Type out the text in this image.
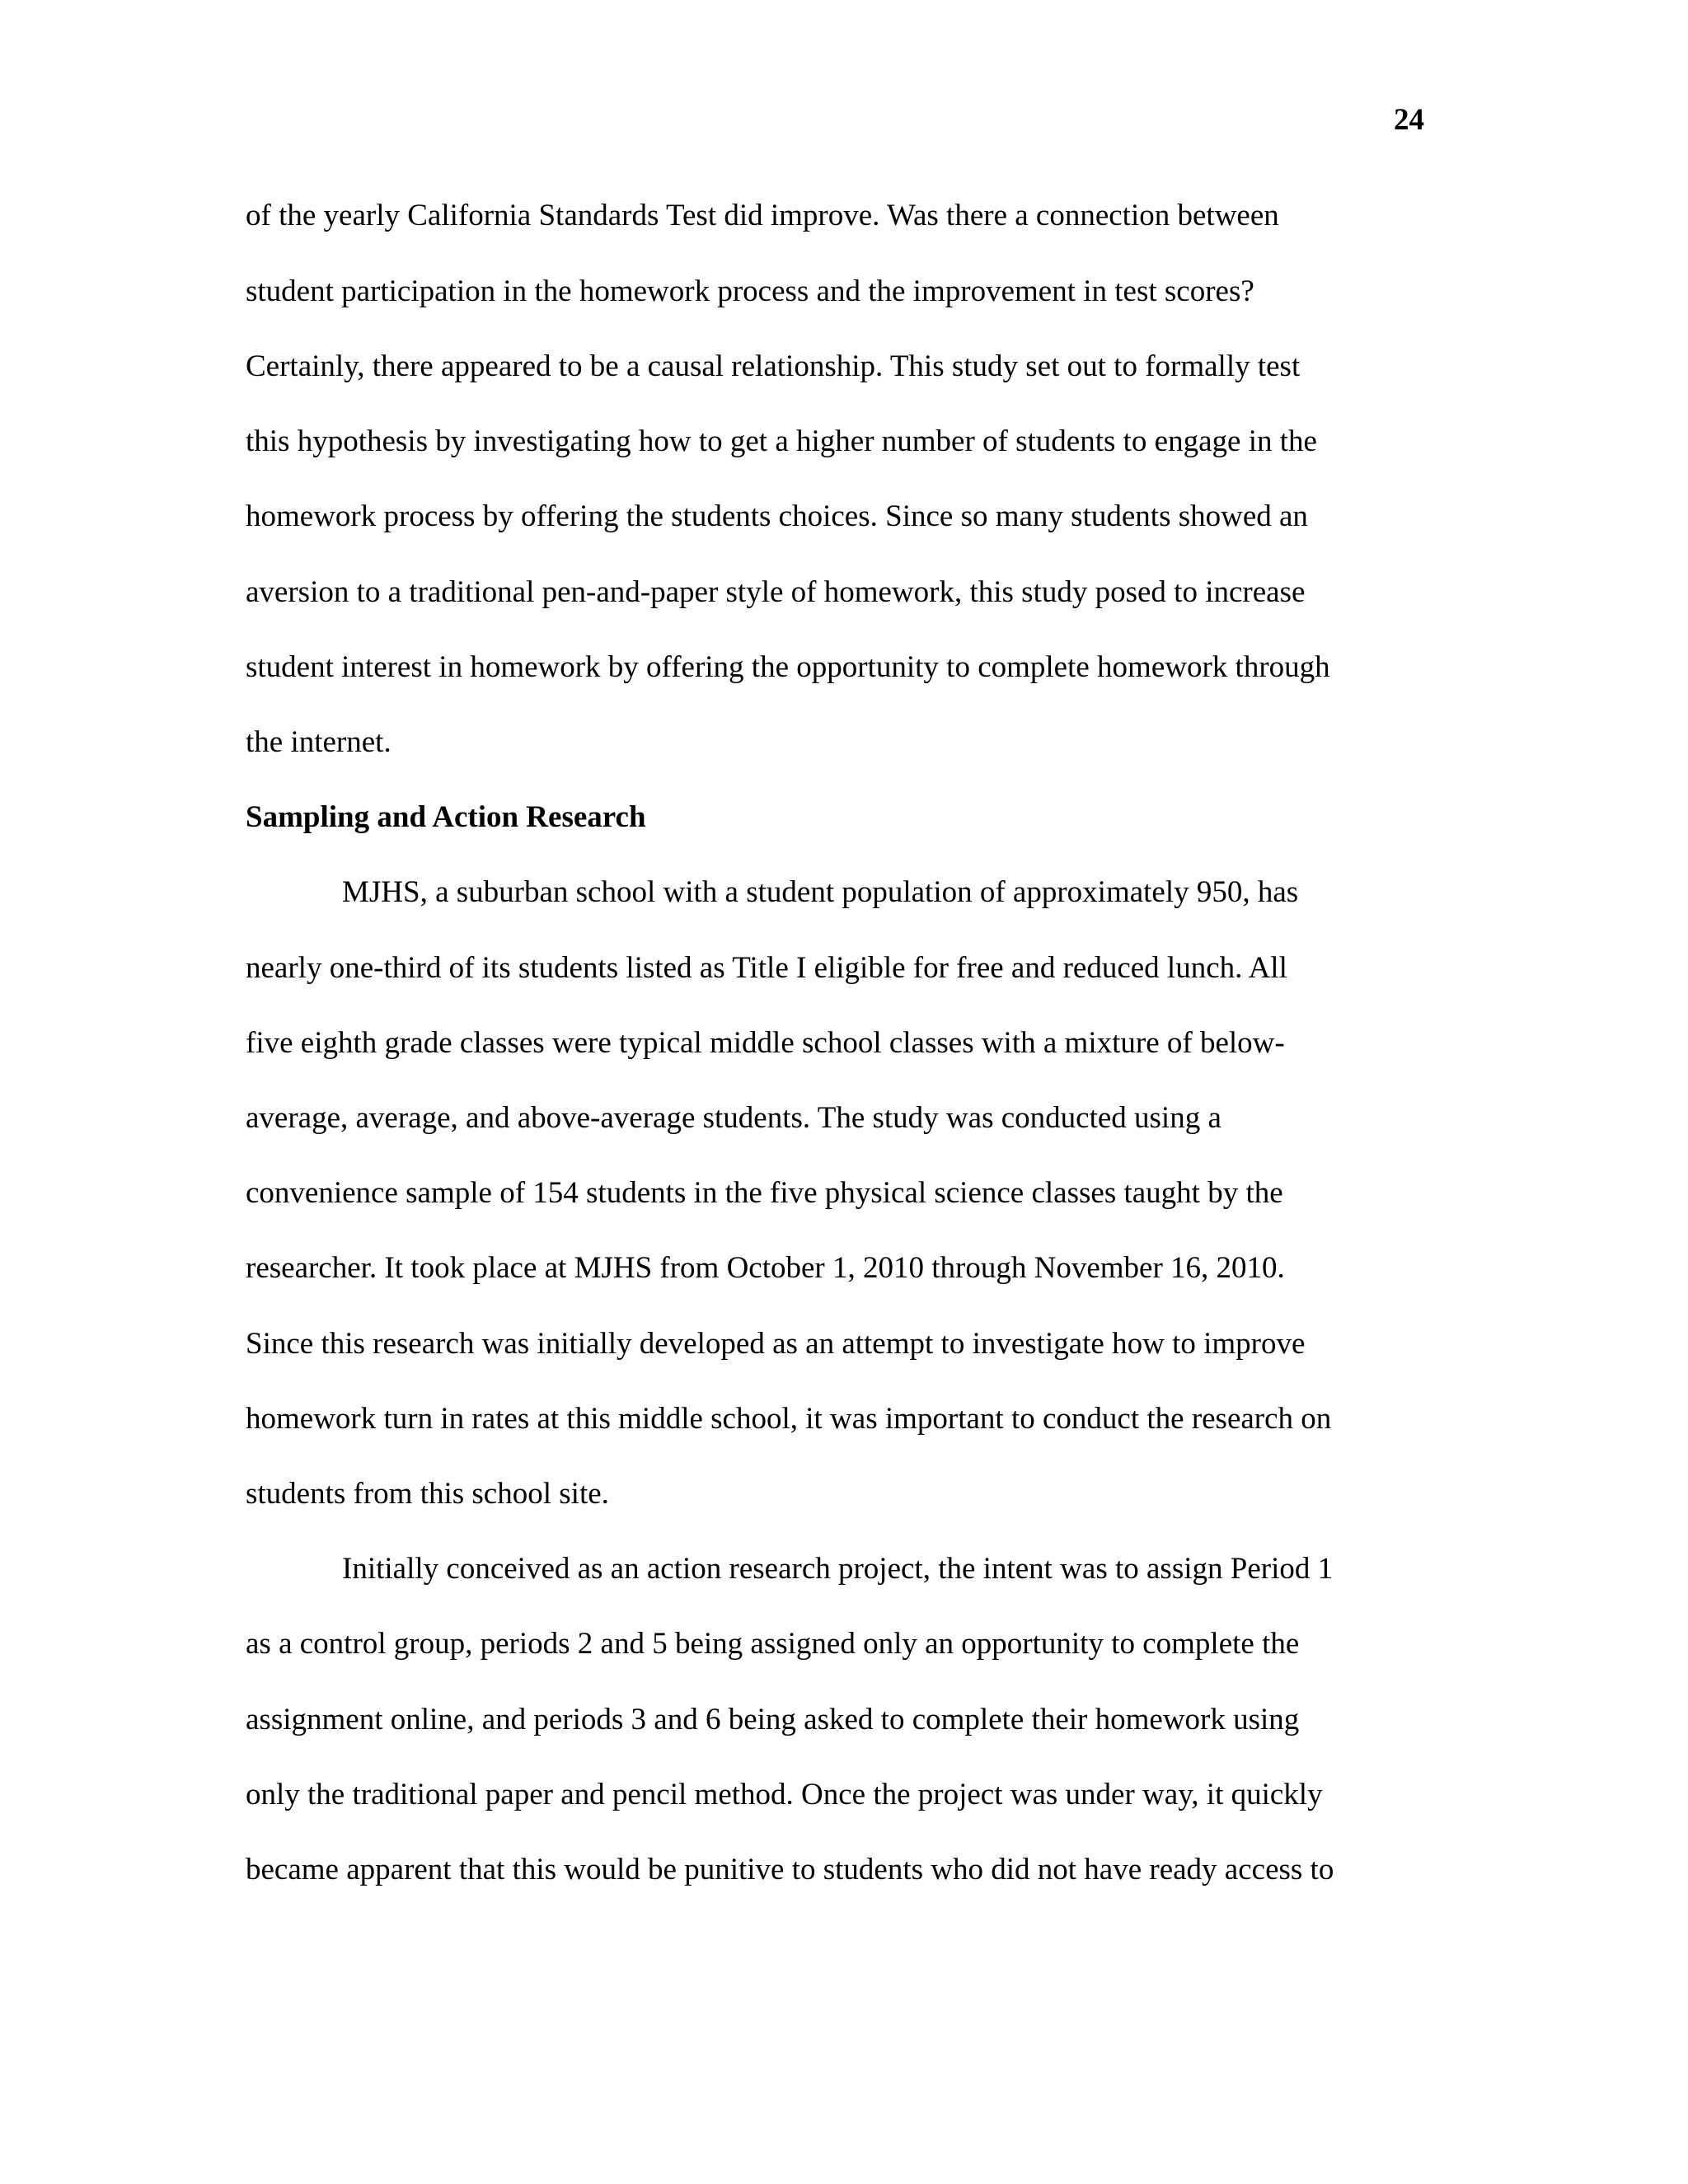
24
of the yearly California Standards Test did improve. Was there a connection between
student participation in the homework process and the improvement in test scores?
Certainly, there appeared to be a causal relationship. This study set out to formally test
this hypothesis by investigating how to get a higher number of students to engage in the
homework process by offering the students choices. Since so many students showed an
aversion to a traditional pen-and-paper style of homework, this study posed to increase
student interest in homework by offering the opportunity to complete homework through
the internet.
Sampling and Action Research
MJHS, a suburban school with a student population of approximately 950, has
nearly one-third of its students listed as Title I eligible for free and reduced lunch. All
five eighth grade classes were typical middle school classes with a mixture of below-
average, average, and above-average students. The study was conducted using a
convenience sample of 154 students in the five physical science classes taught by the
researcher. It took place at MJHS from October 1, 2010 through November 16, 2010.
Since this research was initially developed as an attempt to investigate how to improve
homework turn in rates at this middle school, it was important to conduct the research on
students from this school site.
Initially conceived as an action research project, the intent was to assign Period 1
as a control group, periods 2 and 5 being assigned only an opportunity to complete the
assignment online, and periods 3 and 6 being asked to complete their homework using
only the traditional paper and pencil method. Once the project was under way, it quickly
became apparent that this would be punitive to students who did not have ready access to
